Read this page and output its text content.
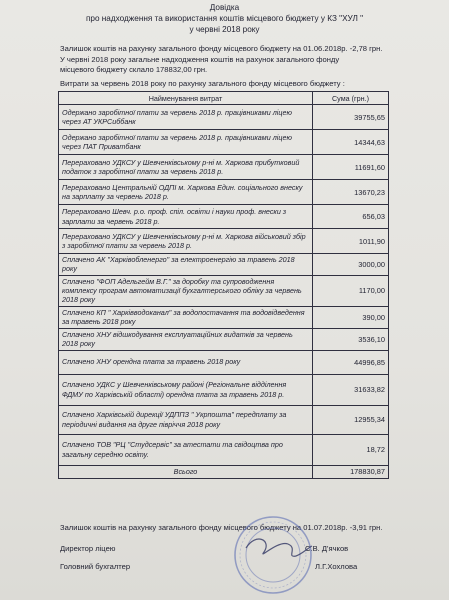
Довідка
про надходження та використання коштів місцевого бюджету у КЗ "ХУЛ "
у червні 2018 року
Залишок коштів на рахунку загального фонду місцевого бюджету на 01.06.2018р. -2,78 грн.
У червні 2018 року загальне надходження коштів на рахунок загального фонду
місцевого бюджету склало 178832,00 грн.
Витрати за червень 2018 року по рахунку загального фонду місцевого бюджету :
Найменування витрат	Сума (грн.)
Одержано заробітної плати за червень 2018 р. працівниками ліцею через АТ УКРСиббанк	39755,65
Одержано заробітної плати за червень 2018 р. працівниками ліцею через ПАТ Приватбанк	14344,63
Перераховано УДКСУ у Шевченківському р-ні м. Харкова прибутковий податок з заробітної плати за червень 2018 р.	11691,60
Перераховано Центральній ОДПІ м. Харкова Един. соціального внеску на зарплату за червень 2018 р.	13670,23
Перераховано Шевч. р.о. проф. спіл. освіти і науки проф. внески з зарплати за червень 2018 р.	656,03
Перераховано УДКСУ у Шевченківському р-ні м. Харкова військовий збір з заробітної плати за червень 2018 р.	1011,90
Сплачено АК "Харківобленерго" за електроенергію за травень 2018 року	3000,00
Сплачено "ФОП Адельгейм В.Г." за доробку та супроводження комплексу програм автоматизації бухгалтерського обліку за червень 2018 року	1170,00
Сплачено КП " Харківводоканал" за водопостачання та водовідведення за травень 2018 року	390,00
Сплачено ХНУ відшкодування експлуатаційних видатків за червень 2018 року	3536,10
Сплачено ХНУ орендна плата за травень 2018 року	44996,85
Сплачено УДКС у Шевченківському районі (Регіональне відділення ФДМУ по Харківській області) орендна плата за травень 2018 р.	31633,82
Сплачено Харківській дирекції УДППЗ " Укрпошта" передплату за періодичні видання на друге півріччя 2018 року	12955,34
Сплачено ТОВ "РЦ "Студсервіс" за атестати та свідоцтва про загальну середню освіту.	18,72
Всього	178830,87
Залишок коштів на рахунку загального фонду місцевого бюджету на 01.07.2018р. -3,91 грн.
Директор ліцею	С.В. Д'ячков
Головний бухгалтер	Л.Г.Хохлова
